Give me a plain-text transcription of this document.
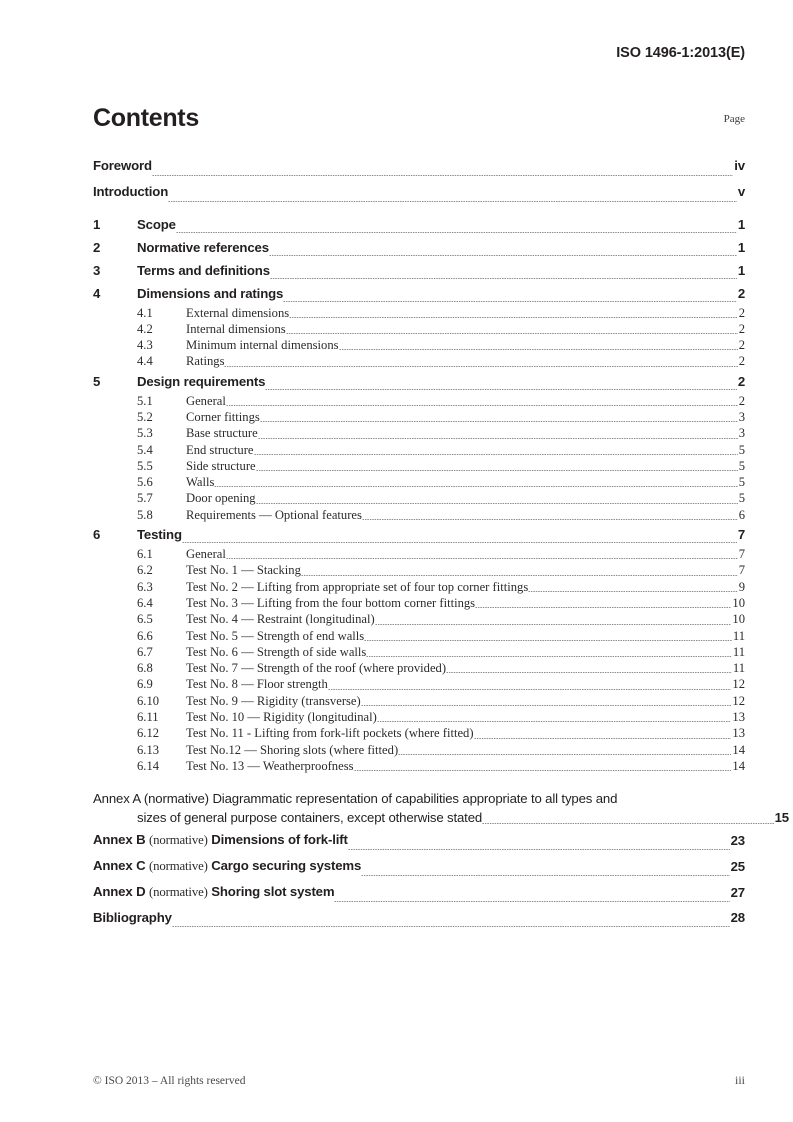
ISO 1496-1:2013(E)
Contents	Page
Foreword	iv
Introduction	v
1	Scope	1
2	Normative references	1
3	Terms and definitions	1
4	Dimensions and ratings	2
4.1	External dimensions	2
4.2	Internal dimensions	2
4.3	Minimum internal dimensions	2
4.4	Ratings	2
5	Design requirements	2
5.1	General	2
5.2	Corner fittings	3
5.3	Base structure	3
5.4	End structure	5
5.5	Side structure	5
5.6	Walls	5
5.7	Door opening	5
5.8	Requirements — Optional features	6
6	Testing	7
6.1	General	7
6.2	Test No. 1 — Stacking	7
6.3	Test No. 2 — Lifting from appropriate set of four top corner fittings	9
6.4	Test No. 3 — Lifting from the four bottom corner fittings	10
6.5	Test No. 4 — Restraint (longitudinal)	10
6.6	Test No. 5 — Strength of end walls	11
6.7	Test No. 6 — Strength of side walls	11
6.8	Test No. 7 — Strength of the roof (where provided)	11
6.9	Test No. 8 — Floor strength	12
6.10	Test No. 9 — Rigidity (transverse)	12
6.11	Test No. 10 — Rigidity (longitudinal)	13
6.12	Test No. 11 - Lifting from fork-lift pockets (where fitted)	13
6.13	Test No.12 — Shoring slots (where fitted)	14
6.14	Test No. 13 — Weatherproofness	14
Annex A (normative) Diagrammatic representation of capabilities appropriate to all types and
sizes of general purpose containers, except otherwise stated	15
Annex B (normative) Dimensions of fork-lift	23
Annex C (normative) Cargo securing systems	25
Annex D (normative) Shoring slot system	27
Bibliography	28
© ISO 2013 – All rights reserved	iii
